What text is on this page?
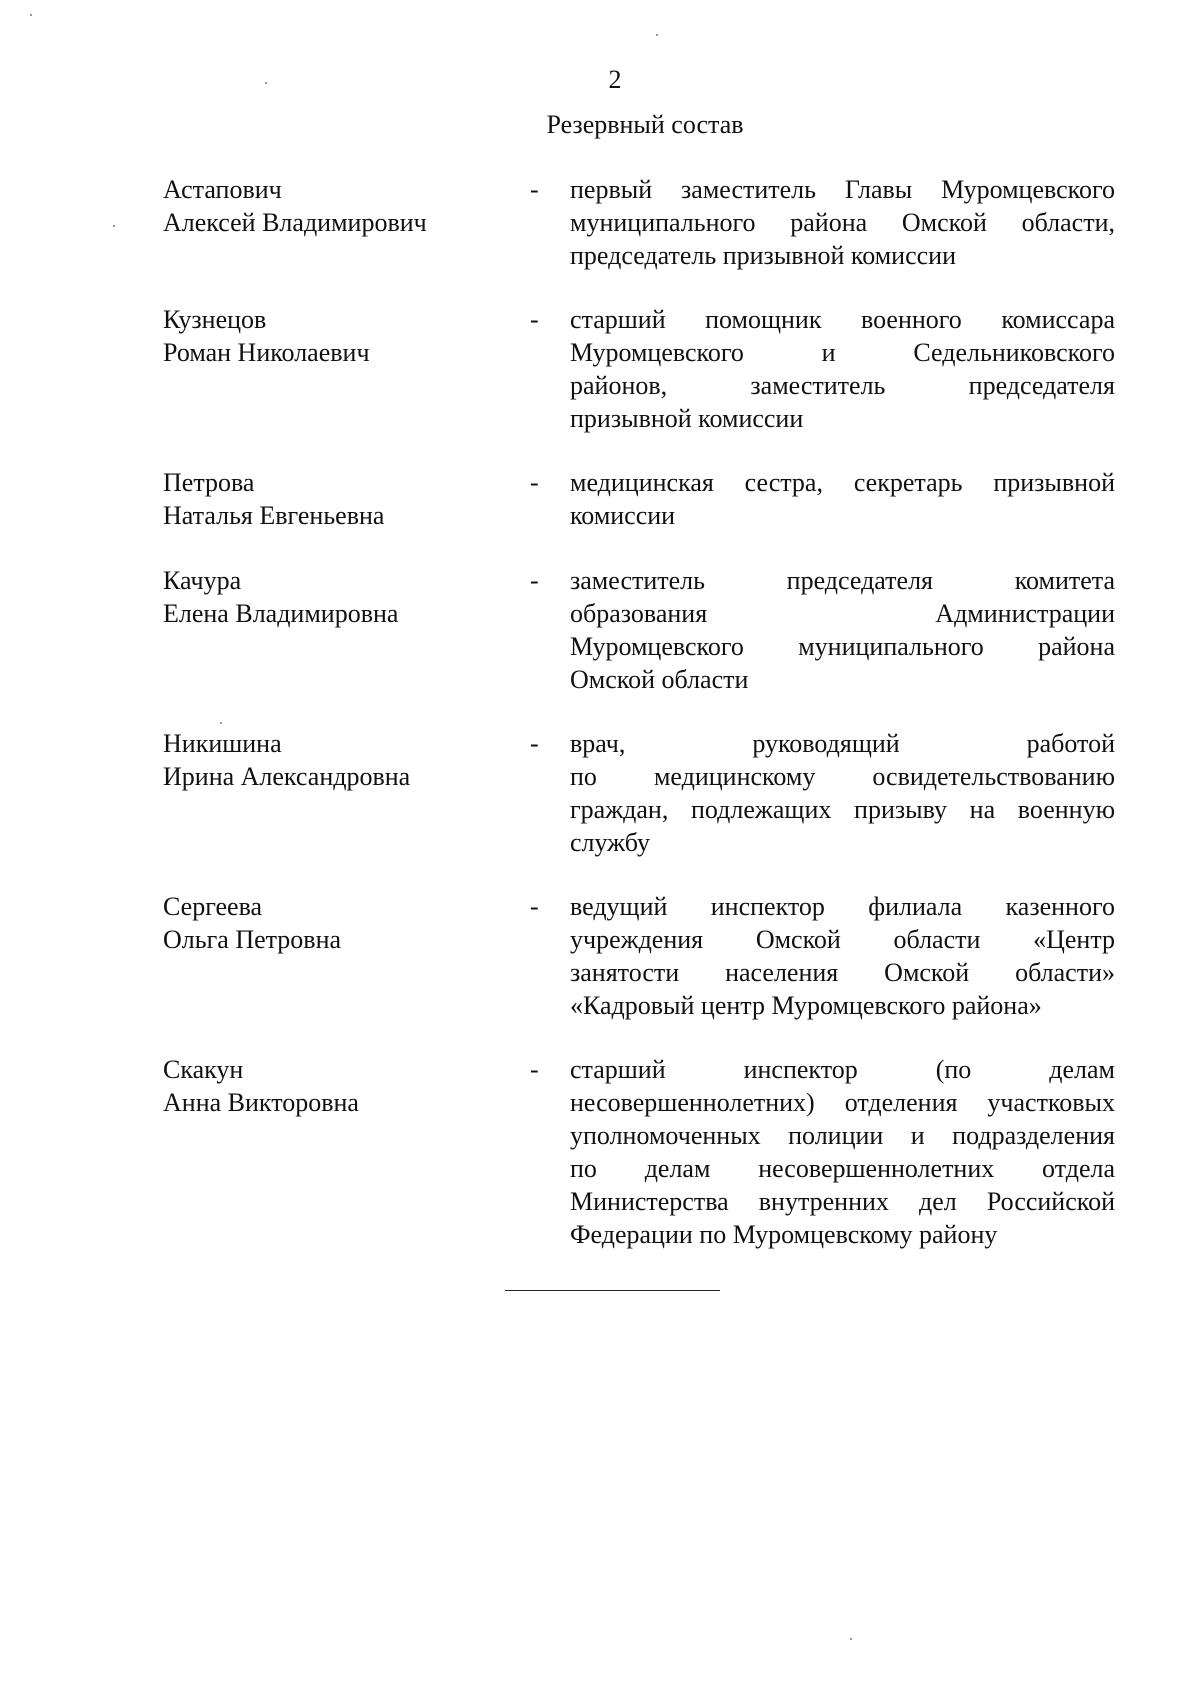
2
Резервный состав
Астапович
Алексей Владимирович
- первый заместитель Главы Муромцевского
муниципального района Омской области,
председатель призывной комиссии
Кузнецов
Роман Николаевич
- старший помощник военного комиссара
Муромцевского и Седельниковского
районов, заместитель председателя
призывной комиссии
Петрова
Наталья Евгеньевна
- медицинская сестра, секретарь призывной
комиссии
Качура
Елена Владимировна
- заместитель председателя комитета
образования Администрации
Муромцевского муниципального района
Омской области
Никишина
Ирина Александровна
- врач, руководящий работой
по медицинскому освидетельствованию
граждан, подлежащих призыву на военную
службу
Сергеева
Ольга Петровна
- ведущий инспектор филиала казенного
учреждения Омской области «Центр
занятости населения Омской области»
«Кадровый центр Муромцевского района»
Скакун
Анна Викторовна
- старший инспектор (по делам
несовершеннолетних) отделения участковых
уполномоченных полиции и подразделения
по делам несовершеннолетних отдела
Министерства внутренних дел Российской
Федерации по Муромцевскому району
